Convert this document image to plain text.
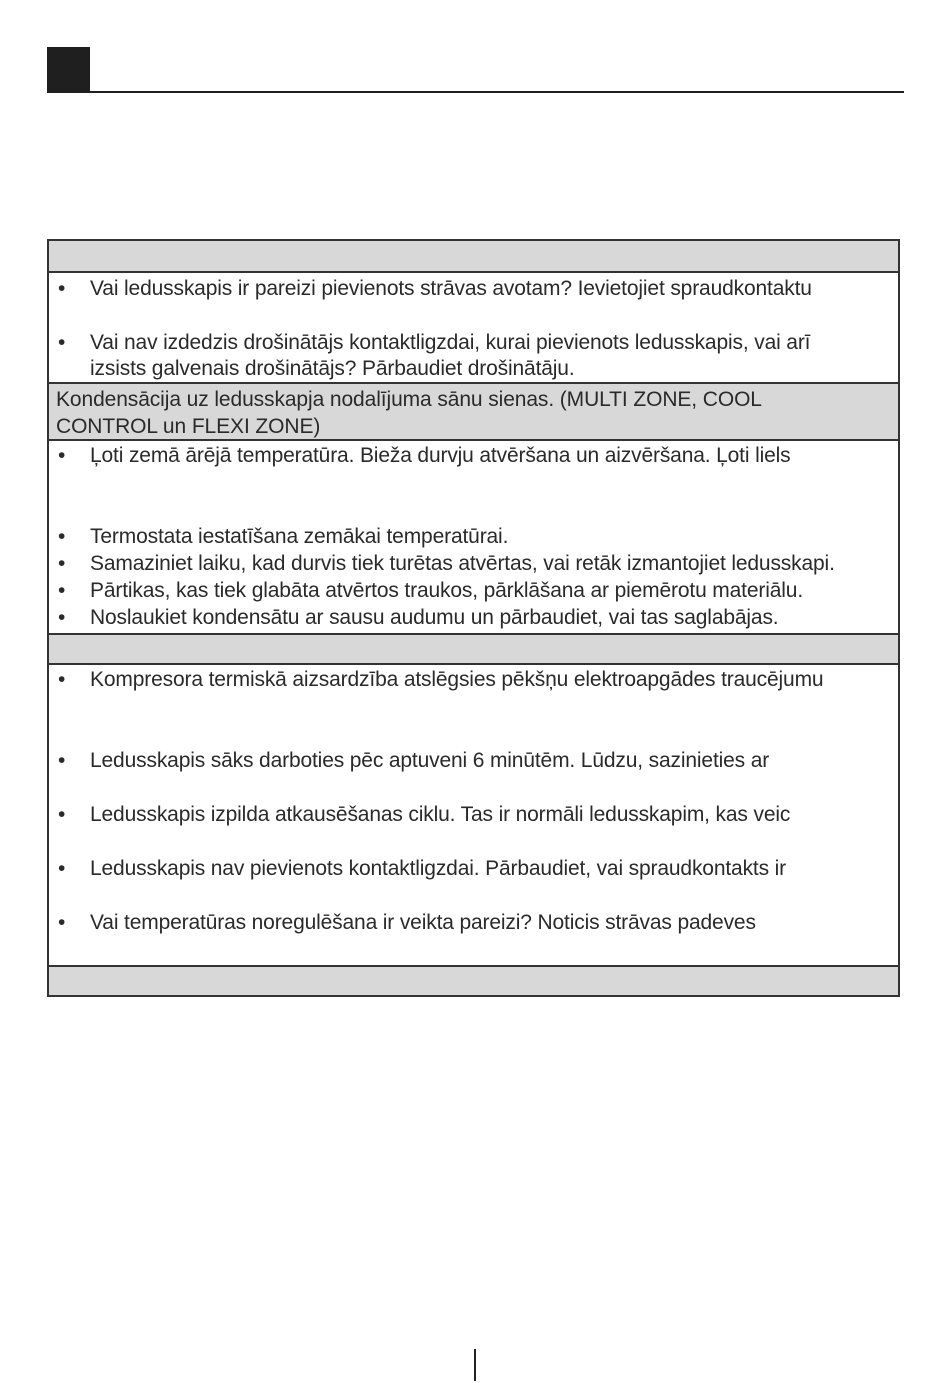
•	Vai ledusskapis ir pareizi pievienots strāvas avotam? Ievietojiet spraudkontaktu
•	Vai nav izdedzis drošinātājs kontaktligzdai, kurai pievienots ledusskapis, vai arī
izsists galvenais drošinātājs? Pārbaudiet drošinātāju.
Kondensācija uz ledusskapja nodalījuma sānu sienas. (MULTI ZONE, COOL
CONTROL un FLEXI ZONE)
•	Ļoti zemā ārējā temperatūra. Bieža durvju atvēršana un aizvēršana. Ļoti liels
•	Termostata iestatīšana zemākai temperatūrai.
•	Samaziniet laiku, kad durvis tiek turētas atvērtas, vai retāk izmantojiet ledusskapi.
•	Pārtikas, kas tiek glabāta atvērtos traukos, pārklāšana ar piemērotu materiālu.
•	Noslaukiet kondensātu ar sausu audumu un pārbaudiet, vai tas saglabājas.
•	Kompresora termiskā aizsardzība atslēgsies pēkšņu elektroapgādes traucējumu
•	Ledusskapis sāks darboties pēc aptuveni 6 minūtēm. Lūdzu, sazinieties ar
•	Ledusskapis izpilda atkausēšanas ciklu. Tas ir normāli ledusskapim, kas veic
•	Ledusskapis nav pievienots kontaktligzdai. Pārbaudiet, vai spraudkontakts ir
•	Vai temperatūras noregulēšana ir veikta pareizi? Noticis strāvas padeves
